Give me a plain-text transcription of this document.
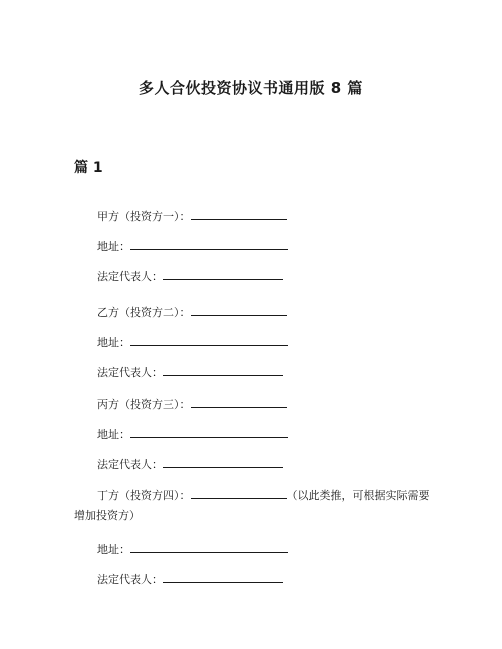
多人合伙投资协议书通用版 8 篇
篇 1
甲方（投资方一）：
地址：
法定代表人：
乙方（投资方二）：
地址：
法定代表人：
丙方（投资方三）：
地址：
法定代表人：
丁方（投资方四）：	（以此类推，可根据实际需要增加投资方）
地址：
法定代表人：
